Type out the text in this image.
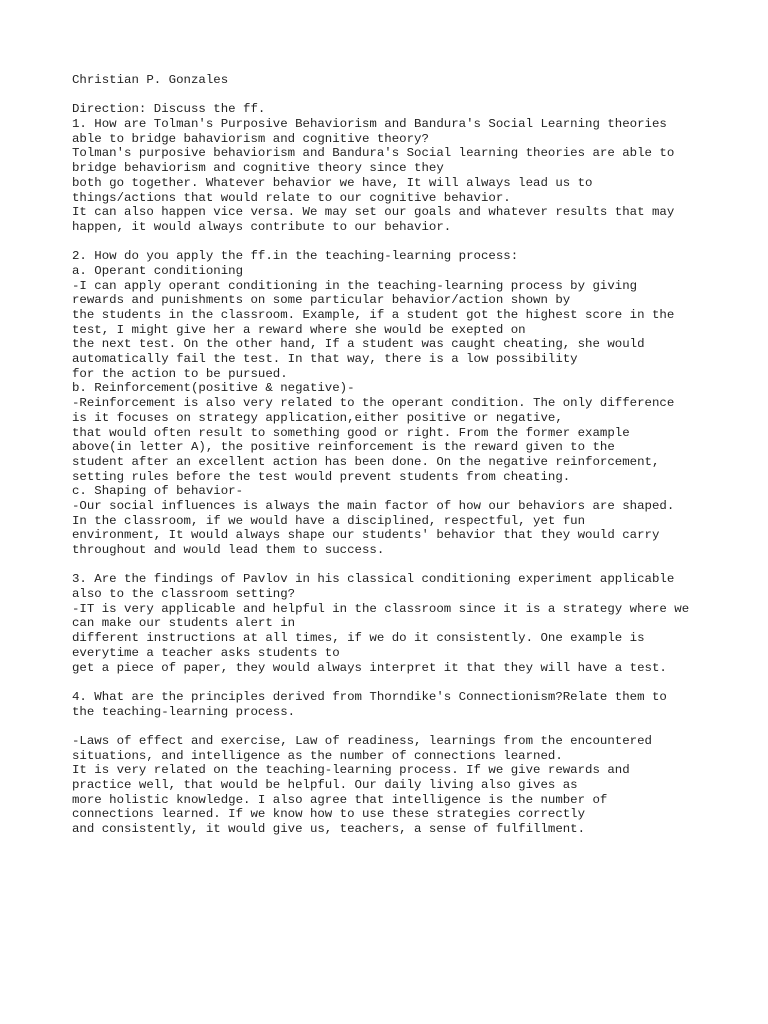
Christian P. Gonzales
Direction: Discuss the ff.
1. How are Tolman's Purposive Behaviorism and Bandura's Social Learning theories
able to bridge bahaviorism and cognitive theory?
Tolman's purposive behaviorism and Bandura's Social learning theories are able to
bridge behaviorism and cognitive theory since they
both go together. Whatever behavior we have, It will always lead us to
things/actions that would relate to our cognitive behavior.
It can also happen vice versa. We may set our goals and whatever results that may
happen, it would always contribute to our behavior.
2. How do you apply the ff.in the teaching-learning process:
a. Operant conditioning
-I can apply operant conditioning in the teaching-learning process by giving
rewards and punishments on some particular behavior/action shown by
the students in the classroom. Example, if a student got the highest score in the
test, I might give her a reward where she would be exepted on
the next test. On the other hand, If a student was caught cheating, she would
automatically fail the test. In that way, there is a low possibility
for the action to be pursued.
b. Reinforcement(positive & negative)-
-Reinforcement is also very related to the operant condition. The only difference
is it focuses on strategy application,either positive or negative,
that would often result to something good or right. From the former example
above(in letter A), the positive reinforcement is the reward given to the
student after an excellent action has been done. On the negative reinforcement,
setting rules before the test would prevent students from cheating.
c. Shaping of behavior-
-Our social influences is always the main factor of how our behaviors are shaped.
In the classroom, if we would have a disciplined, respectful, yet fun
environment, It would always shape our students' behavior that they would carry
throughout and would lead them to success.
3. Are the findings of Pavlov in his classical conditioning experiment applicable
also to the classroom setting?
-IT is very applicable and helpful in the classroom since it is a strategy where we
can make our students alert in
different instructions at all times, if we do it consistently. One example is
everytime a teacher asks students to
get a piece of paper, they would always interpret it that they will have a test.
4. What are the principles derived from Thorndike's Connectionism?Relate them to
the teaching-learning process.
-Laws of effect and exercise, Law of readiness, learnings from the encountered
situations, and intelligence as the number of connections learned.
It is very related on the teaching-learning process. If we give rewards and
practice well, that would be helpful. Our daily living also gives as
more holistic knowledge. I also agree that intelligence is the number of
connections learned. If we know how to use these strategies correctly
and consistently, it would give us, teachers, a sense of fulfillment.
